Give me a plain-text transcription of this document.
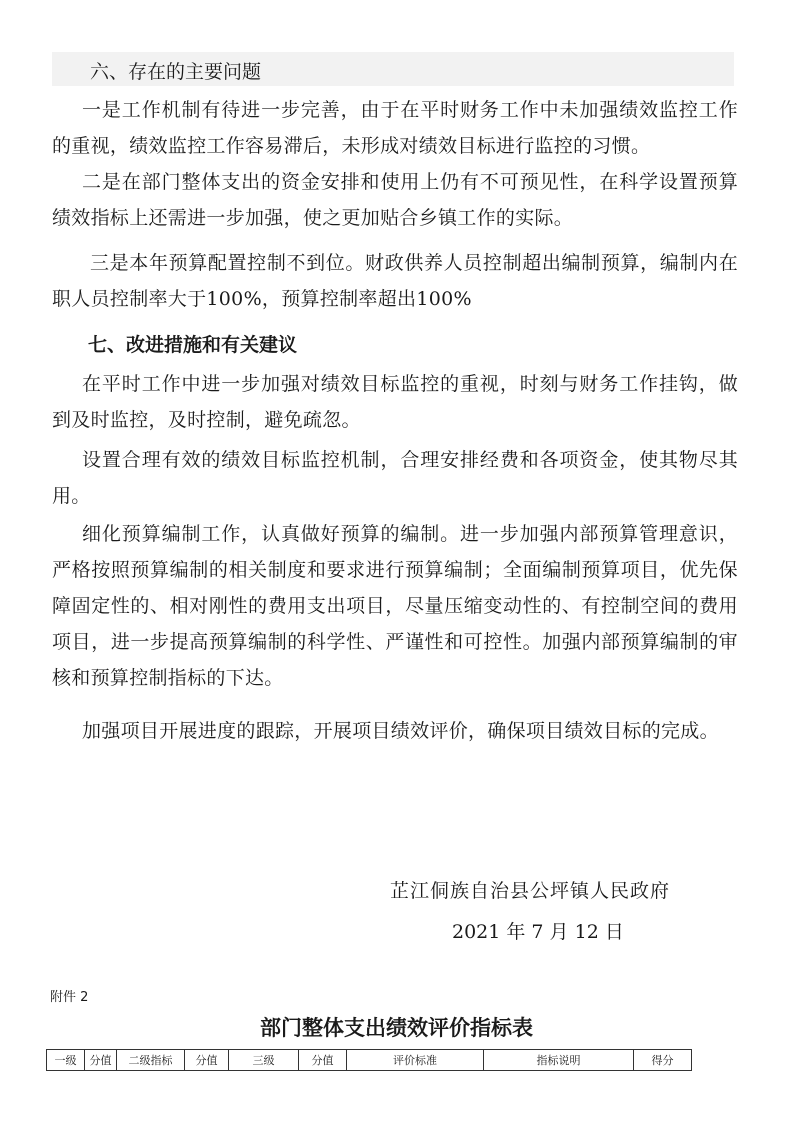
六、存在的主要问题

一是工作机制有待进一步完善，由于在平时财务工作中未加强绩效监控工作的重视，绩效监控工作容易滞后，未形成对绩效目标进行监控的习惯。

二是在部门整体支出的资金安排和使用上仍有不可预见性，在科学设置预算绩效指标上还需进一步加强，使之更加贴合乡镇工作的实际。

三是本年预算配置控制不到位。财政供养人员控制超出编制预算，编制内在职人员控制率大于100%，预算控制率超出100%

七、改进措施和有关建议

在平时工作中进一步加强对绩效目标监控的重视，时刻与财务工作挂钩，做到及时监控，及时控制，避免疏忽。

设置合理有效的绩效目标监控机制，合理安排经费和各项资金，使其物尽其用。

细化预算编制工作，认真做好预算的编制。进一步加强内部预算管理意识，严格按照预算编制的相关制度和要求进行预算编制；全面编制预算项目，优先保障固定性的、相对刚性的费用支出项目，尽量压缩变动性的、有控制空间的费用项目，进一步提高预算编制的科学性、严谨性和可控性。加强内部预算编制的审核和预算控制指标的下达。

加强项目开展进度的跟踪，开展项目绩效评价，确保项目绩效目标的完成。

芷江侗族自治县公坪镇人民政府
2021 年 7 月 12 日
附件 2
部门整体支出绩效评价指标表
一级	分值	二级指标	分值	三级	分值	评价标准	指标说明	得分
